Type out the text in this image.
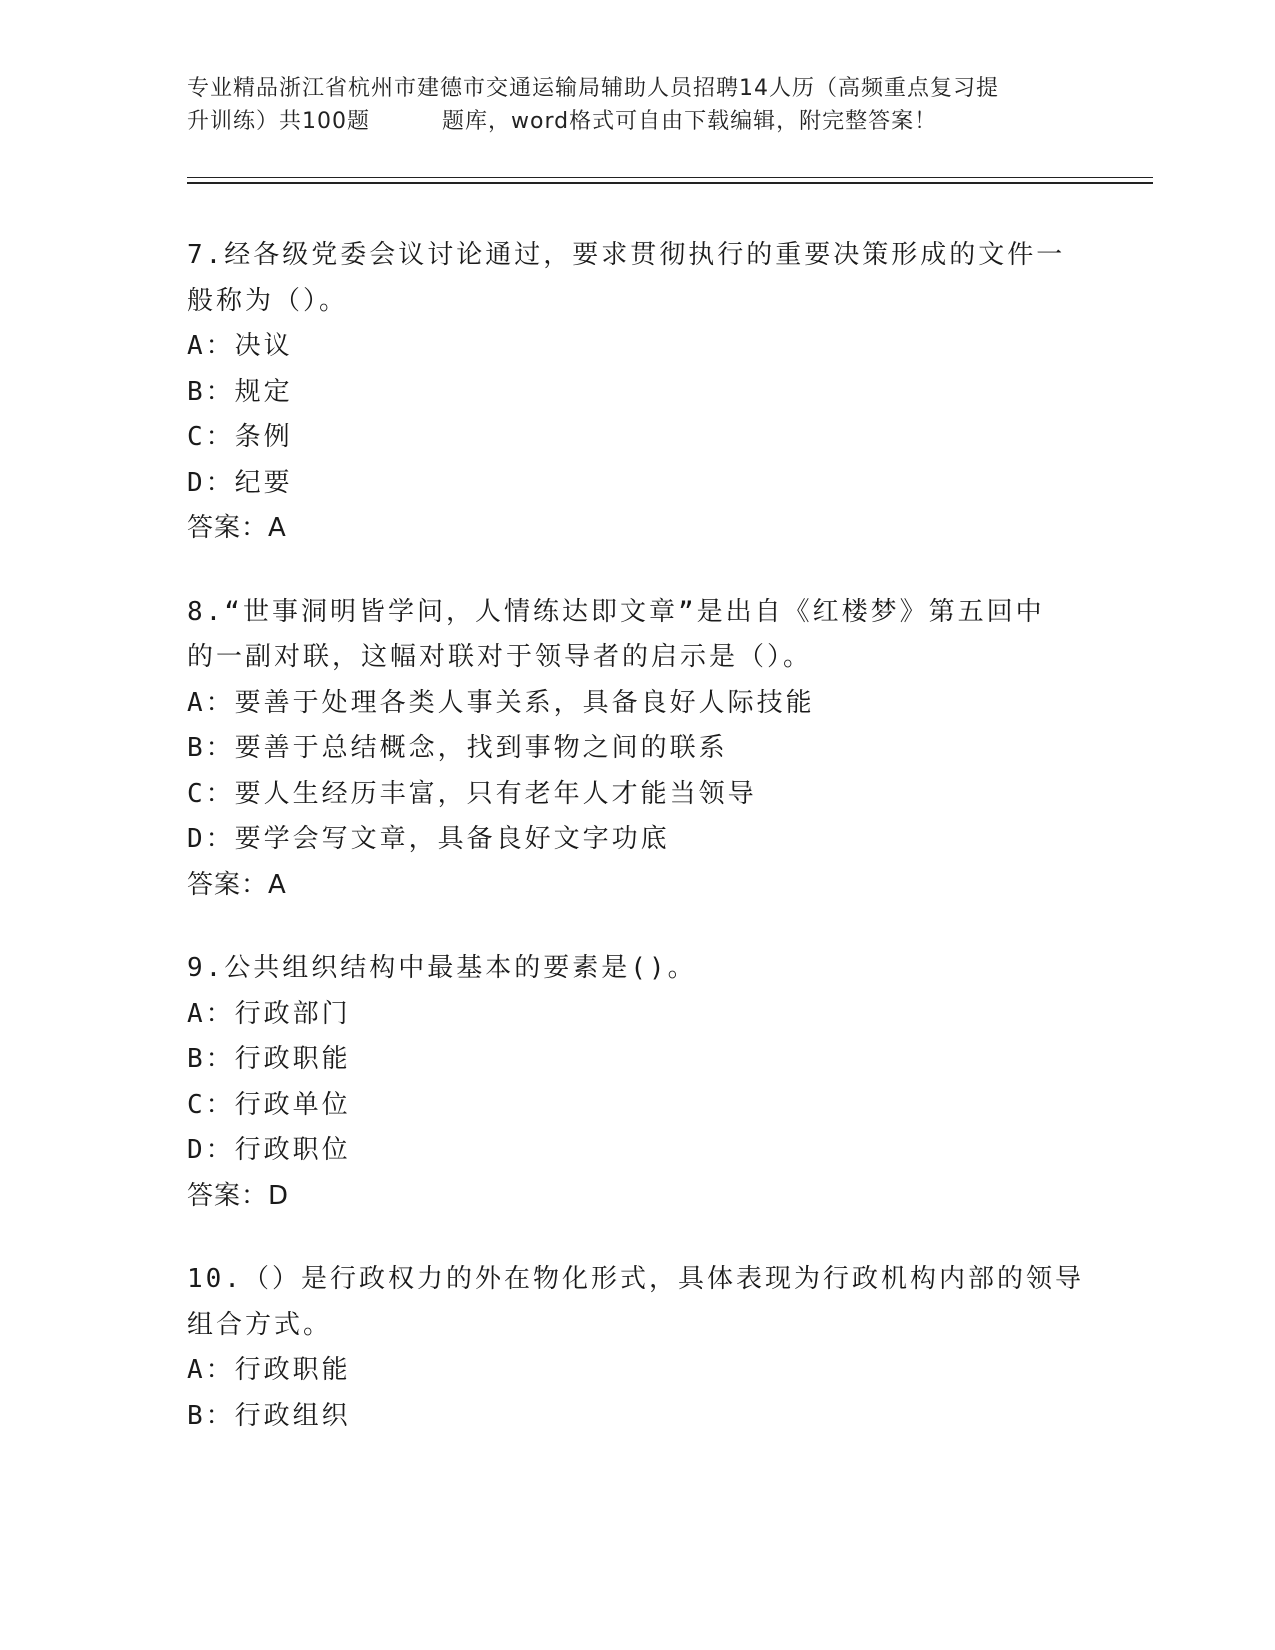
专业精品浙江省杭州市建德市交通运输局辅助人员招聘14人历（高频重点复习提
升训练）共100题	题库，word格式可自由下载编辑，附完整答案！
7.经各级党委会议讨论通过，要求贯彻执行的重要决策形成的文件一
般称为（）。
A：决议
B：规定
C：条例
D：纪要
答案：A
8.“世事洞明皆学问，人情练达即文章”是出自《红楼梦》第五回中
的一副对联，这幅对联对于领导者的启示是（）。
A：要善于处理各类人事关系，具备良好人际技能
B：要善于总结概念，找到事物之间的联系
C：要人生经历丰富，只有老年人才能当领导
D：要学会写文章，具备良好文字功底
答案：A
9.公共组织结构中最基本的要素是()。
A：行政部门
B：行政职能
C：行政单位
D：行政职位
答案：D
10.（）是行政权力的外在物化形式，具体表现为行政机构内部的领导
组合方式。
A：行政职能
B：行政组织
